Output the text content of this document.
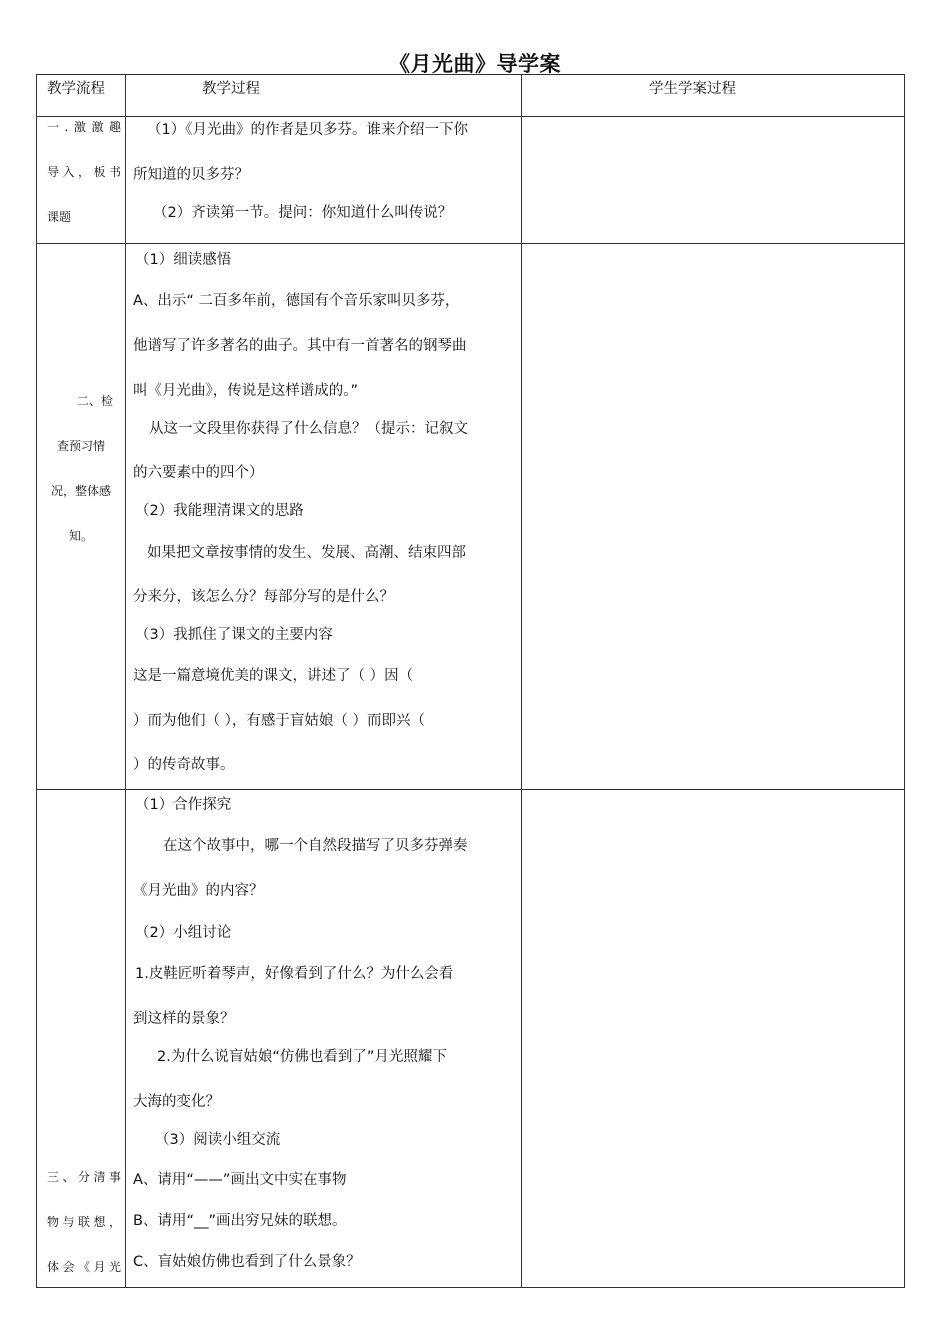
《月光曲》导学案
教学流程	教学过程	学生学案过程
一.激激趣
导入，板书
课题
（1）《月光曲》的作者是贝多芬。谁来介绍一下你
所知道的贝多芬？
（2）齐读第一节。提问：你知道什么叫传说？
二、检
查预习情
况，整体感
知。
（1）细读感悟
A、出示“ 二百多年前，德国有个音乐家叫贝多芬，
他谱写了许多著名的曲子。其中有一首著名的钢琴曲
叫《月光曲》，传说是这样谱成的。”
从这一文段里你获得了什么信息？（提示：记叙文
的六要素中的四个）
（2）我能理清课文的思路
如果把文章按事情的发生、发展、高潮、结束四部
分来分，该怎么分？每部分写的是什么？
（3）我抓住了课文的主要内容
这是一篇意境优美的课文，讲述了（ ）因（
）而为他们（ ），有感于盲姑娘（ ）而即兴（
）的传奇故事。
三、分清事
物与联想，
体会《月光
（1）合作探究
在这个故事中，哪一个自然段描写了贝多芬弹奏
《月光曲》的内容？
（2）小组讨论
1.皮鞋匠听着琴声，好像看到了什么？为什么会看
到这样的景象？
2.为什么说盲姑娘“仿佛也看到了”月光照耀下
大海的变化？
（3）阅读小组交流
A、请用“——”画出文中实在事物
B、请用“__”画出穷兄妹的联想。
C、盲姑娘仿佛也看到了什么景象？
